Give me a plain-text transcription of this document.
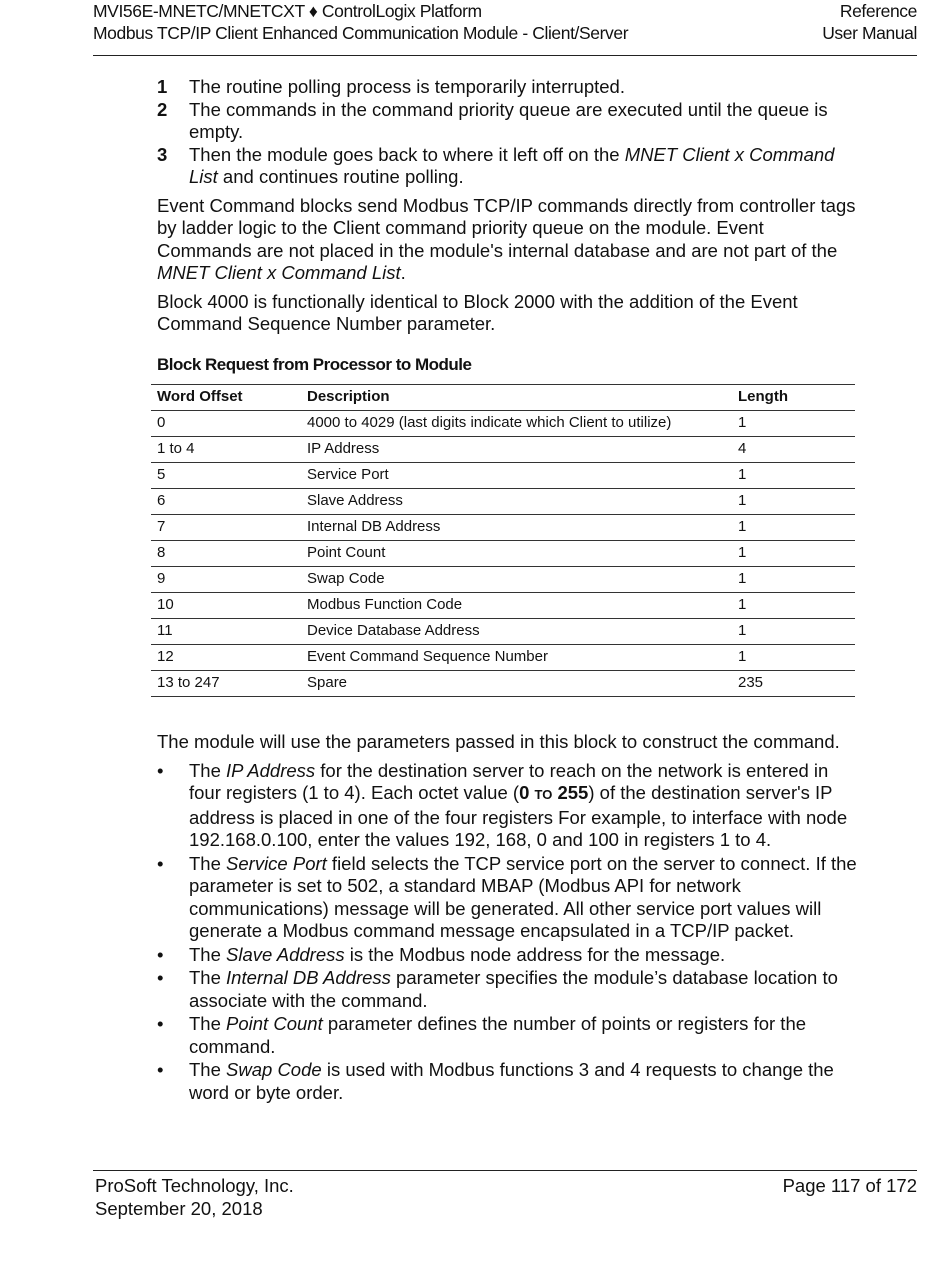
MVI56E-MNETC/MNETCXT ♦ ControlLogix Platform
Modbus TCP/IP Client Enhanced Communication Module - Client/Server
Reference
User Manual
1 The routine polling process is temporarily interrupted.
2 The commands in the command priority queue are executed until the queue is empty.
3 Then the module goes back to where it left off on the MNET Client x Command List and continues routine polling.

Event Command blocks send Modbus TCP/IP commands directly from controller tags by ladder logic to the Client command priority queue on the module. Event Commands are not placed in the module's internal database and are not part of the MNET Client x Command List.

Block 4000 is functionally identical to Block 2000 with the addition of the Event Command Sequence Number parameter.

Block Request from Processor to Module
Word Offset	Description	Length
0	4000 to 4029 (last digits indicate which Client to utilize)	1
1 to 4	IP Address	4
5	Service Port	1
6	Slave Address	1
7	Internal DB Address	1
8	Point Count	1
9	Swap Code	1
10	Modbus Function Code	1
11	Device Database Address	1
12	Event Command Sequence Number	1
13 to 247	Spare	235

The module will use the parameters passed in this block to construct the command.

• The IP Address for the destination server to reach on the network is entered in four registers (1 to 4). Each octet value (0 TO 255) of the destination server's IP address is placed in one of the four registers For example, to interface with node 192.168.0.100, enter the values 192, 168, 0 and 100 in registers 1 to 4.
• The Service Port field selects the TCP service port on the server to connect. If the parameter is set to 502, a standard MBAP (Modbus API for network communications) message will be generated. All other service port values will generate a Modbus command message encapsulated in a TCP/IP packet.
• The Slave Address is the Modbus node address for the message.
• The Internal DB Address parameter specifies the module’s database location to associate with the command.
• The Point Count parameter defines the number of points or registers for the command.
• The Swap Code is used with Modbus functions 3 and 4 requests to change the word or byte order.
ProSoft Technology, Inc.
September 20, 2018
Page 117 of 172
